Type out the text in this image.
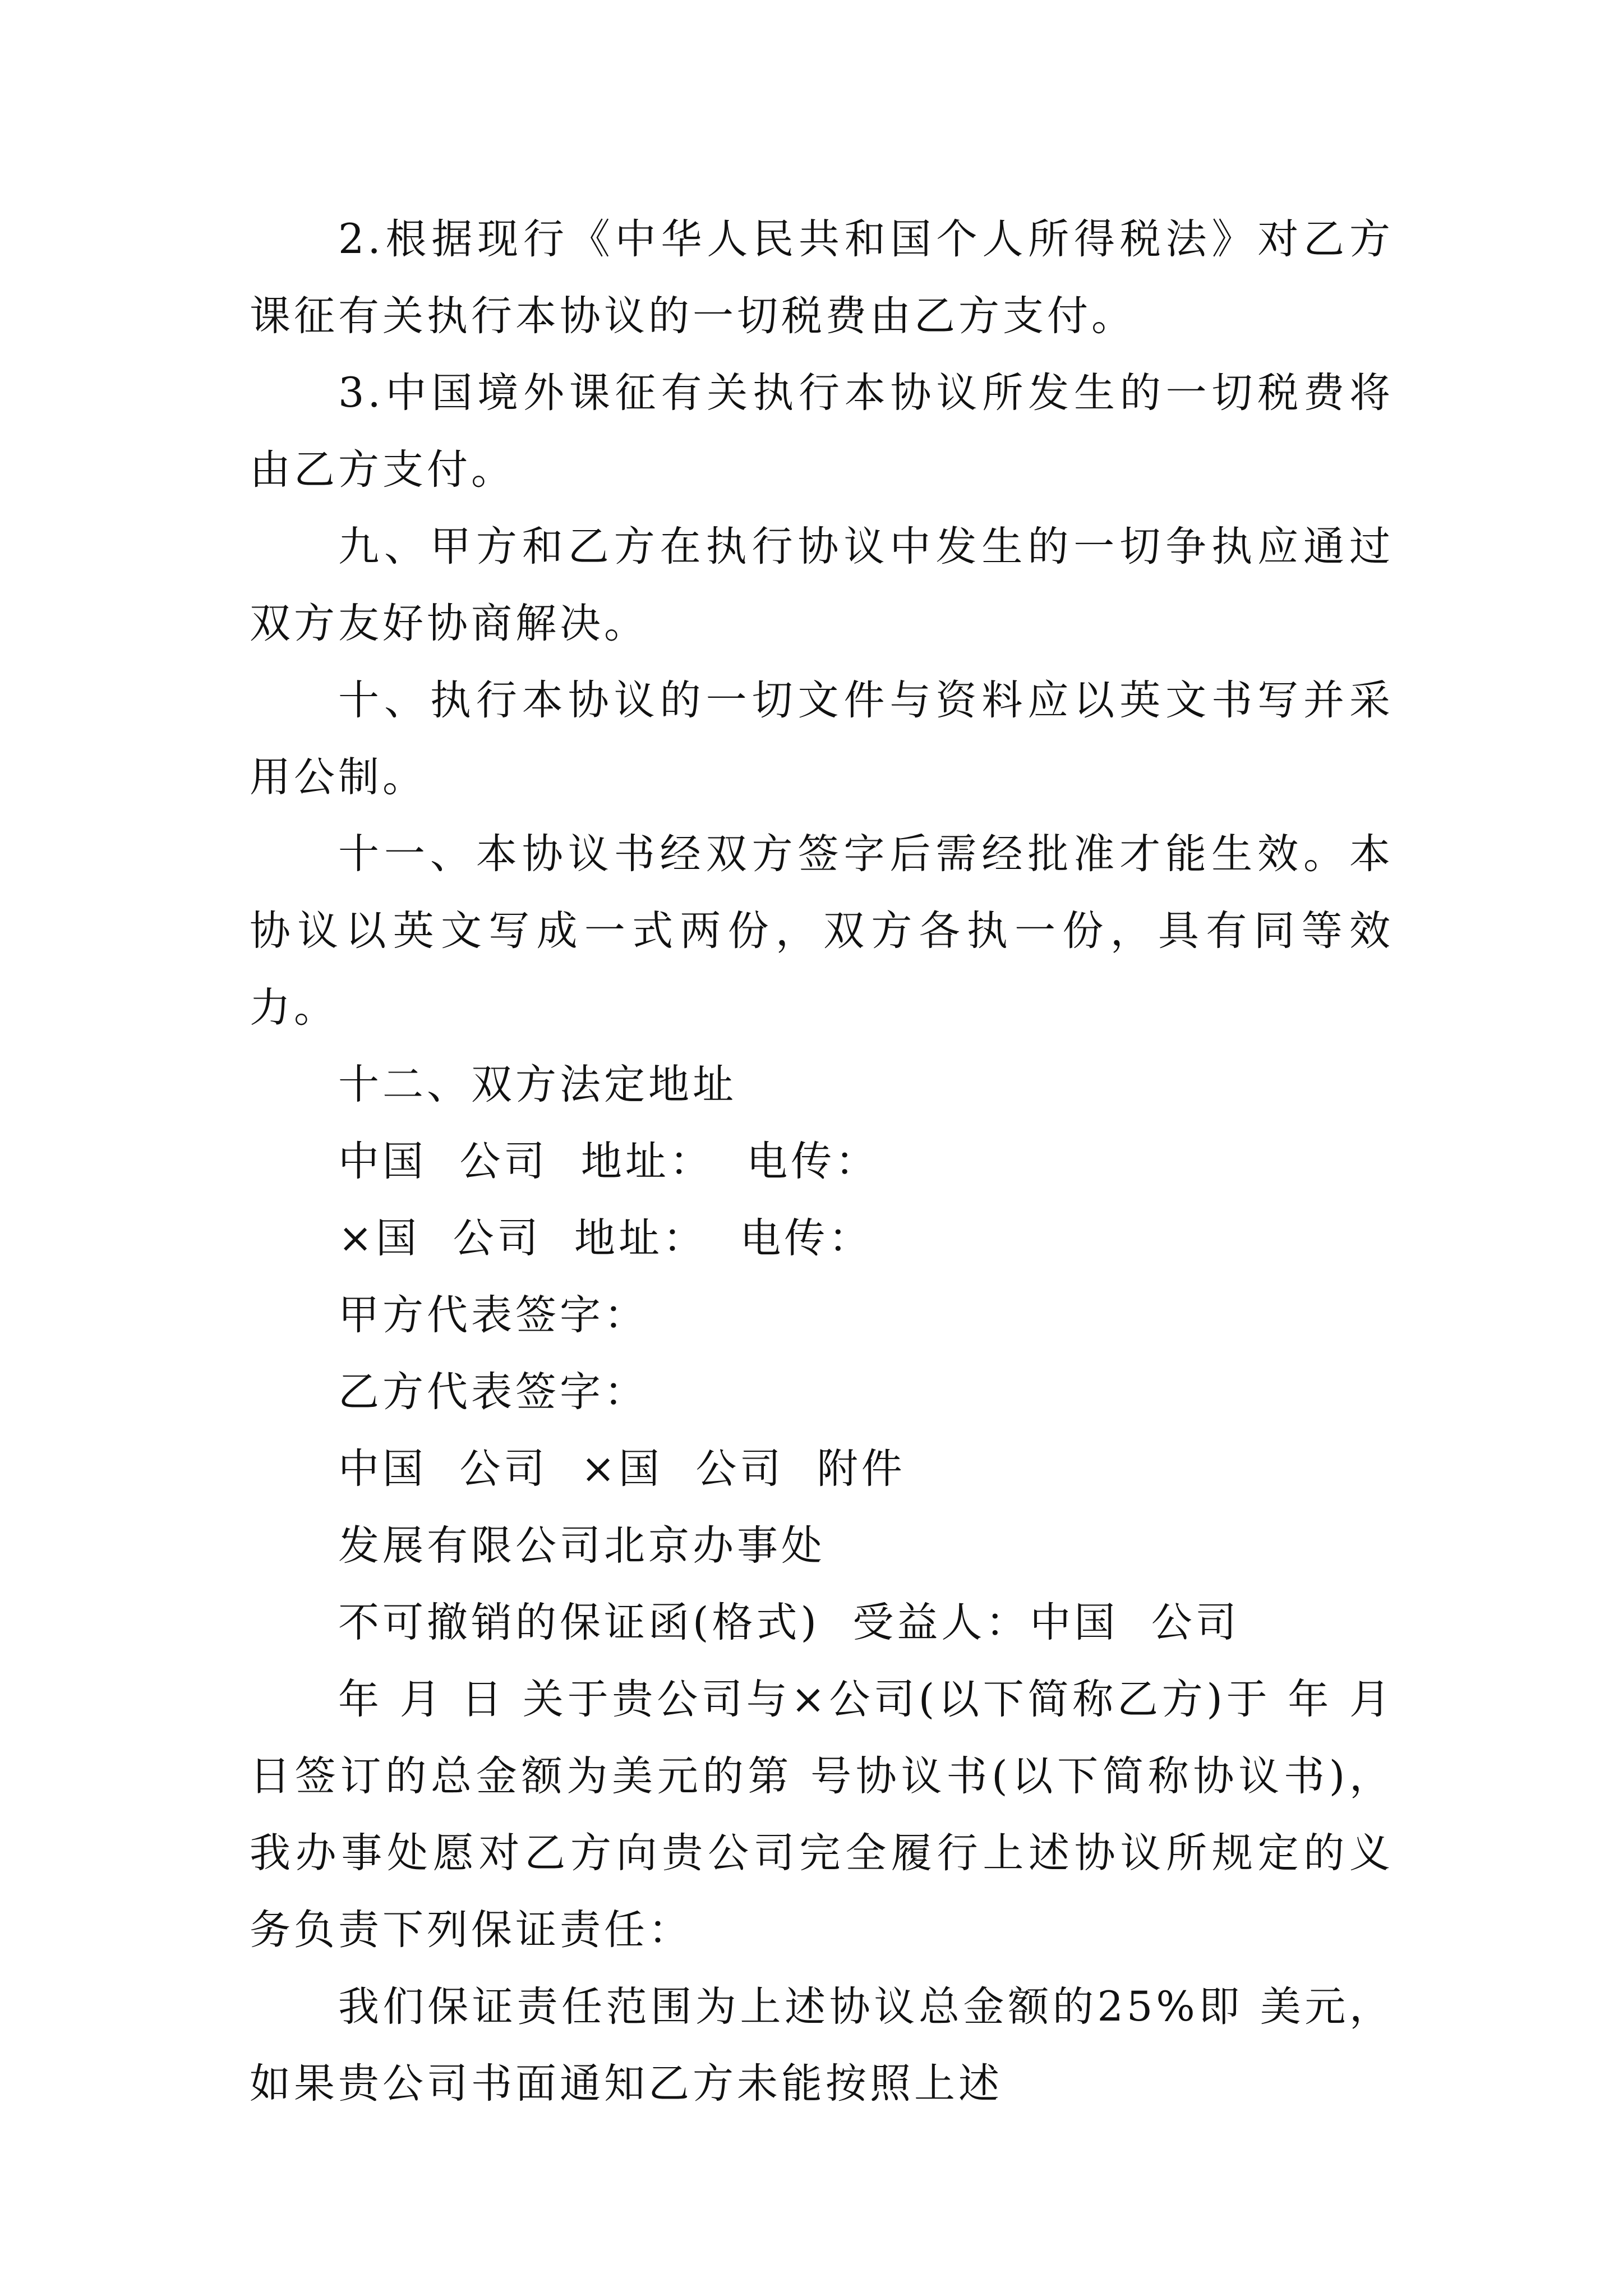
2.根据现行《中华人民共和国个人所得税法》对乙方课征有关执行本协议的一切税费由乙方支付。

3.中国境外课征有关执行本协议所发生的一切税费将由乙方支付。

九、甲方和乙方在执行协议中发生的一切争执应通过双方友好协商解决。

十、执行本协议的一切文件与资料应以英文书写并采用公制。

十一、本协议书经双方签字后需经批准才能生效。本协议以英文写成一式两份，双方各执一份，具有同等效力。

十二、双方法定地址

中国  公司  地址：  电传：

×国  公司  地址：  电传：

甲方代表签字：

乙方代表签字：

中国  公司  ×国  公司  附件

发展有限公司北京办事处

不可撤销的保证函(格式)  受益人：中国  公司

年 月 日 关于贵公司与×公司(以下简称乙方)于 年 月 日签订的总金额为美元的第 号协议书(以下简称协议书)，我办事处愿对乙方向贵公司完全履行上述协议所规定的义务负责下列保证责任：

我们保证责任范围为上述协议总金额的25%即 美元，如果贵公司书面通知乙方未能按照上述
